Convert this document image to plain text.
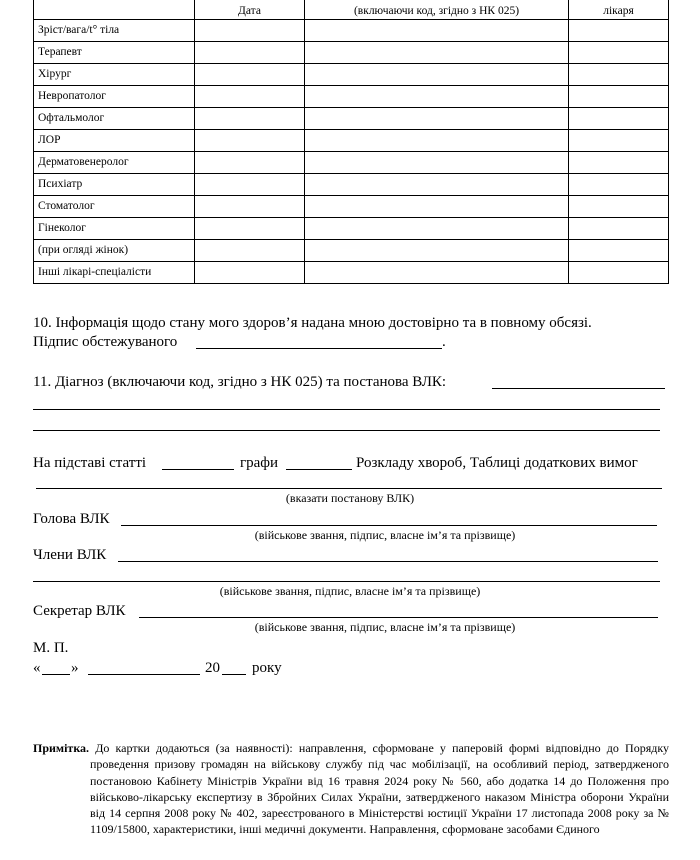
	Дата	(включаючи код, згідно з НК 025)	лікаря

Зріст/вага/t° тіла			
Терапевт			
Хірург			
Невропатолог			
Офтальмолог			
ЛОР			
Дерматовенеролог			
Психіатр			
Стоматолог			
Гінеколог			
(при огляді жінок)			
Інші лікарі-спеціалісти			
10. Інформація щодо стану мого здоров’я надана мною достовірно та в повному обсязі.
Підпис обстежуваного	.
11. Діагноз (включаючи код, згідно з НК 025) та постанова ВЛК:
На підставі статті	графи	Розкладу хвороб, Таблиці додаткових вимог
(вказати постанову ВЛК)
Голова ВЛК
(військове звання, підпис, власне ім’я та прізвище)
Члени ВЛК
(військове звання, підпис, власне ім’я та прізвище)
Секретар ВЛК
(військове звання, підпис, власне ім’я та прізвище)
М. П.
« »	20 року

Примітка. До картки додаються (за наявності): направлення, сформоване у паперовій формі відповідно до Порядку проведення призову громадян на військову службу під час мобілізації, на особливий період, затвердженого постановою Кабінету Міністрів України від 16 травня 2024 року № 560, або додатка 14 до Положення про військово-лікарську експертизу в Збройних Силах України, затвердженого наказом Міністра оборони України від 14 серпня 2008 року № 402, зареєстрованого в Міністерстві юстиції України 17 листопада 2008 року за № 1109/15800, характеристики, інші медичні документи. Направлення, сформоване засобами Єдиного
